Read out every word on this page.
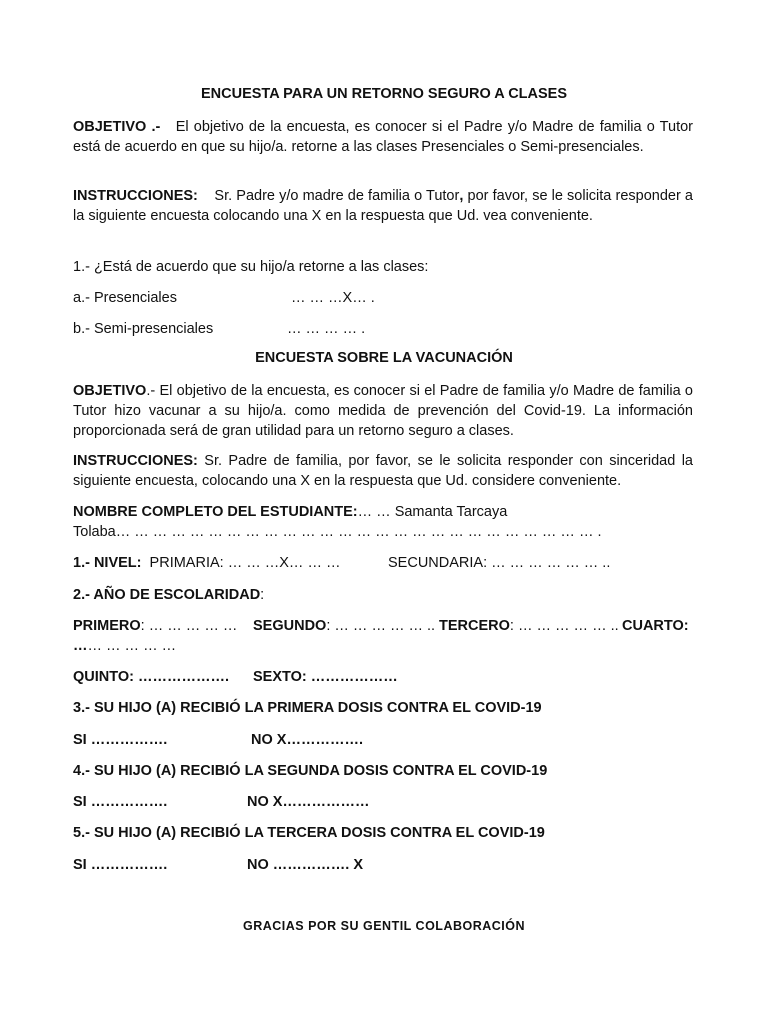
ENCUESTA PARA UN RETORNO SEGURO A CLASES
OBJETIVO .- El objetivo de la encuesta, es conocer si el Padre y/o Madre de familia o Tutor está de acuerdo en que su hijo/a. retorne a las clases Presenciales o Semi-presenciales.
INSTRUCCIONES: Sr. Padre y/o madre de familia o Tutor, por favor, se le solicita responder a la siguiente encuesta colocando una X en la respuesta que Ud. vea conveniente.
1.- ¿Está de acuerdo que su hijo/a retorne a las clases:
a.- Presenciales	… … …X… .
b.- Semi-presenciales	… … … … .
ENCUESTA SOBRE LA VACUNACIÓN
OBJETIVO.- El objetivo de la encuesta, es conocer si el Padre de familia y/o Madre de familia o Tutor hizo vacunar a su hijo/a. como medida de prevención del Covid-19. La información proporcionada será de gran utilidad para un retorno seguro a clases.
INSTRUCCIONES: Sr. Padre de familia, por favor, se le solicita responder con sinceridad la siguiente encuesta, colocando una X en la respuesta que Ud. considere conveniente.
NOMBRE COMPLETO DEL ESTUDIANTE:… … Samanta Tarcaya
Tolaba… … … … … … … … … … … … … … … … … … … … … … … … … … .
1.- NIVEL: PRIMARIA: … … …X… … …	SECUNDARIA: … … … … … … ..
2.- AÑO DE ESCOLARIDAD:
PRIMERO: … … … … … SEGUNDO: … … … … … .. TERCERO: … … … … … .. CUARTO:
…… … … … …
QUINTO: ………………. SEXTO: ………………
3.- SU HIJO (A) RECIBIÓ LA PRIMERA DOSIS CONTRA EL COVID-19
SI …………….	NO X…………….
4.- SU HIJO (A) RECIBIÓ LA SEGUNDA DOSIS CONTRA EL COVID-19
SI …………….	NO X………………
5.- SU HIJO (A) RECIBIÓ LA TERCERA DOSIS CONTRA EL COVID-19
SI …………….	NO ……………. X
GRACIAS POR SU GENTIL COLABORACIÓN
